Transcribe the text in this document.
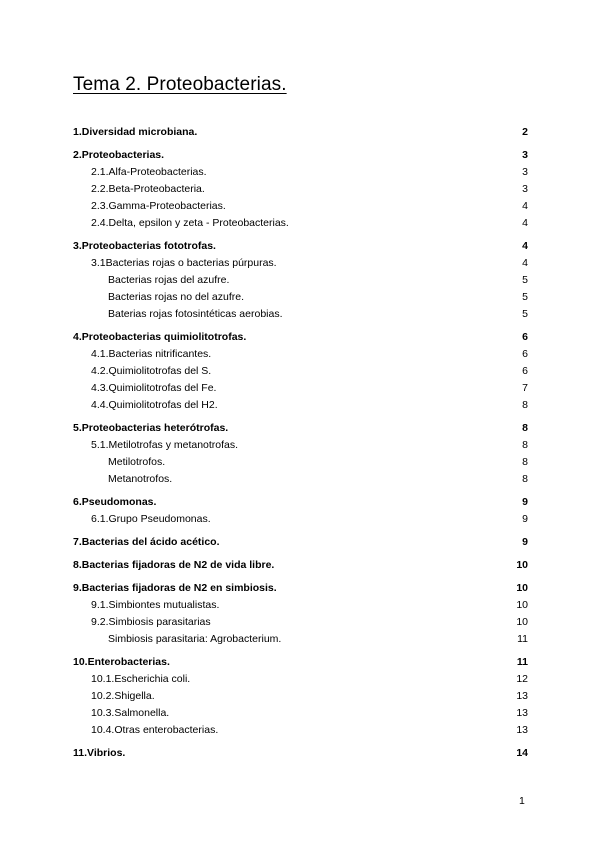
Tema 2. Proteobacterias.
1.Diversidad microbiana.	2
2.Proteobacterias.	3
2.1.Alfa-Proteobacterias.	3
2.2.Beta-Proteobacteria.	3
2.3.Gamma-Proteobacterias.	4
2.4.Delta, epsilon y zeta - Proteobacterias.	4
3.Proteobacterias fototrofas.	4
3.1Bacterias rojas o bacterias púrpuras.	4
Bacterias rojas del azufre.	5
Bacterias rojas no del azufre.	5
Baterias rojas fotosintéticas aerobias.	5
4.Proteobacterias quimiolitotrofas.	6
4.1.Bacterias nitrificantes.	6
4.2.Quimiolitotrofas del S.	6
4.3.Quimiolitotrofas del Fe.	7
4.4.Quimiolitotrofas del H2.	8
5.Proteobacterias heterótrofas.	8
5.1.Metilotrofas y metanotrofas.	8
Metilotrofos.	8
Metanotrofos.	8
6.Pseudomonas.	9
6.1.Grupo Pseudomonas.	9
7.Bacterias del ácido acético.	9
8.Bacterias fijadoras de N2 de vida libre.	10
9.Bacterias fijadoras de N2 en simbiosis.	10
9.1.Simbiontes mutualistas.	10
9.2.Simbiosis parasitarias	10
Simbiosis parasitaria: Agrobacterium.	11
10.Enterobacterias.	11
10.1.Escherichia coli.	12
10.2.Shigella.	13
10.3.Salmonella.	13
10.4.Otras enterobacterias.	13
11.Vibrios.	14
1
